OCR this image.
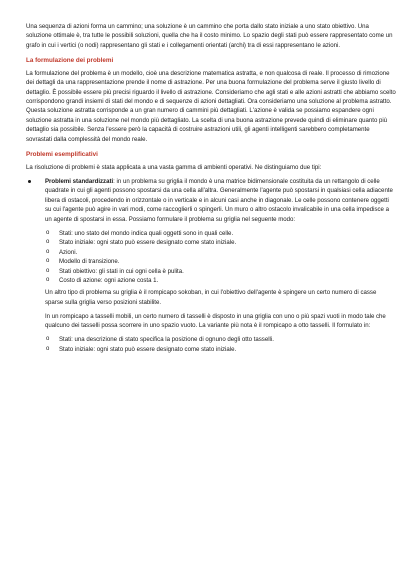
Una sequenza di azioni forma un cammino; una soluzione è un cammino che porta dallo stato iniziale a uno stato obiettivo. Una soluzione ottimale è, tra tutte le possibili soluzioni, quella che ha il costo minimo. Lo spazio degli stati può essere rappresentato come un grafo in cui i vertici (o nodi) rappresentano gli stati e i collegamenti orientati (archi) tra di essi rappresentano le azioni.

La formulazione dei problemi

La formulazione del problema è un modello, cioè una descrizione matematica astratta, e non qualcosa di reale. Il processo di rimozione dei dettagli da una rappresentazione prende il nome di astrazione. Per una buona formulazione del problema serve il giusto livello di dettaglio. È possibile essere più precisi riguardo il livello di astrazione. Consideriamo che agli stati e alle azioni astratti che abbiamo scelto corrispondono grandi insiemi di stati del mondo e di sequenze di azioni dettagliati. Ora consideriamo una soluzione al problema astratto. Questa soluzione astratta corrisponde a un gran numero di cammini più dettagliati. L'azione è valida se possiamo espandere ogni soluzione astratta in una soluzione nel mondo più dettagliato. La scelta di una buona astrazione prevede quindi di eliminare quanto più dettaglio sia possibile. Senza l'essere però la capacità di costruire astrazioni utili, gli agenti intelligenti sarebbero completamente sovrastati dalla complessità del mondo reale.

Problemi esemplificativi

La risoluzione di problemi è stata applicata a una vasta gamma di ambienti operativi. Ne distinguiamo due tipi:

Problemi standardizzati: in un problema su griglia il mondo è una matrice bidimensionale costituita da un rettangolo di celle quadrate in cui gli agenti possono spostarsi da una cella all'altra. Generalmente l'agente può spostarsi in qualsiasi cella adiacente libera di ostacoli, procedendo in orizzontale o in verticale e in alcuni casi anche in diagonale. Le celle possono contenere oggetti su cui l'agente può agire in vari modi, come raccoglierli o spingerli. Un muro o altro ostacolo invalicabile in una cella impedisce a un agente di spostarsi in essa. Possiamo formulare il problema su griglia nel seguente modo:
o Stati: uno stato del mondo indica quali oggetti sono in quali celle.
o Stato iniziale: ogni stato può essere designato come stato iniziale.
o Azioni.
o Modello di transizione.
o Stati obiettivo: gli stati in cui ogni cella è pulita.
o Costo di azione: ogni azione costa 1.

Un altro tipo di problema su griglia è il rompicapo sokoban, in cui l'obiettivo dell'agente è spingere un certo numero di casse sparse sulla griglia verso posizioni stabilite.

In un rompicapo a tasselli mobili, un certo numero di tasselli è disposto in una griglia con uno o più spazi vuoti in modo tale che qualcuno dei tasselli possa scorrere in uno spazio vuoto. La variante più nota è il rompicapo a otto tasselli. Il formulato in:

o Stati: una descrizione di stato specifica la posizione di ognuno degli otto tasselli.
o Stato iniziale: ogni stato può essere designato come stato iniziale.
